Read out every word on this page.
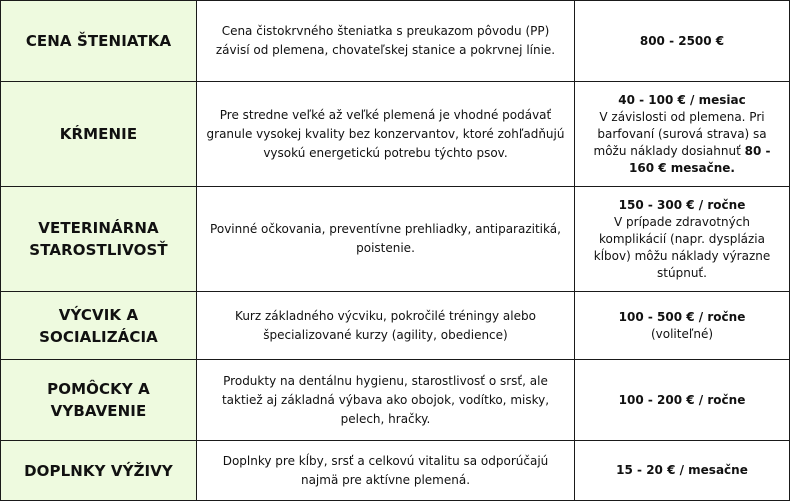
CENA ŠTENIATKA	Cena čistokrvného šteniatka s preukazom pôvodu (PP) závisí od plemena, chovateľskej stanice a pokrvnej línie.	800 - 2500 €

KŔMENIE	Pre stredne veľké až veľké plemená je vhodné podávať granule vysokej kvality bez konzervantov, ktoré zohľadňujú vysokú energetickú potrebu týchto psov.	40 - 100 € / mesiac
V závislosti od plemena. Pri barfovaní (surová strava) sa môžu náklady dosiahnuť 80 - 160 € mesačne.

VETERINÁRNA STAROSTLIVOSŤ	Povinné očkovania, preventívne prehliadky, antiparazitiká, poistenie.	150 - 300 € / ročne
V prípade zdravotných komplikácií (napr. dysplázia kĺbov) môžu náklady výrazne stúpnuť.

VÝCVIK A SOCIALIZÁCIA	Kurz základného výcviku, pokročilé tréningy alebo špecializované kurzy (agility, obedience)	100 - 500 € / ročne
(voliteľné)

POMÔCKY A VYBAVENIE	Produkty na dentálnu hygienu, starostlivosť o srsť, ale taktiež aj základná výbava ako obojok, vodítko, misky, pelech, hračky.	100 - 200 € / ročne

DOPLNKY VÝŽIVY	Doplnky pre kĺby, srsť a celkovú vitalitu sa odporúčajú najmä pre aktívne plemená.	15 - 20 € / mesačne
